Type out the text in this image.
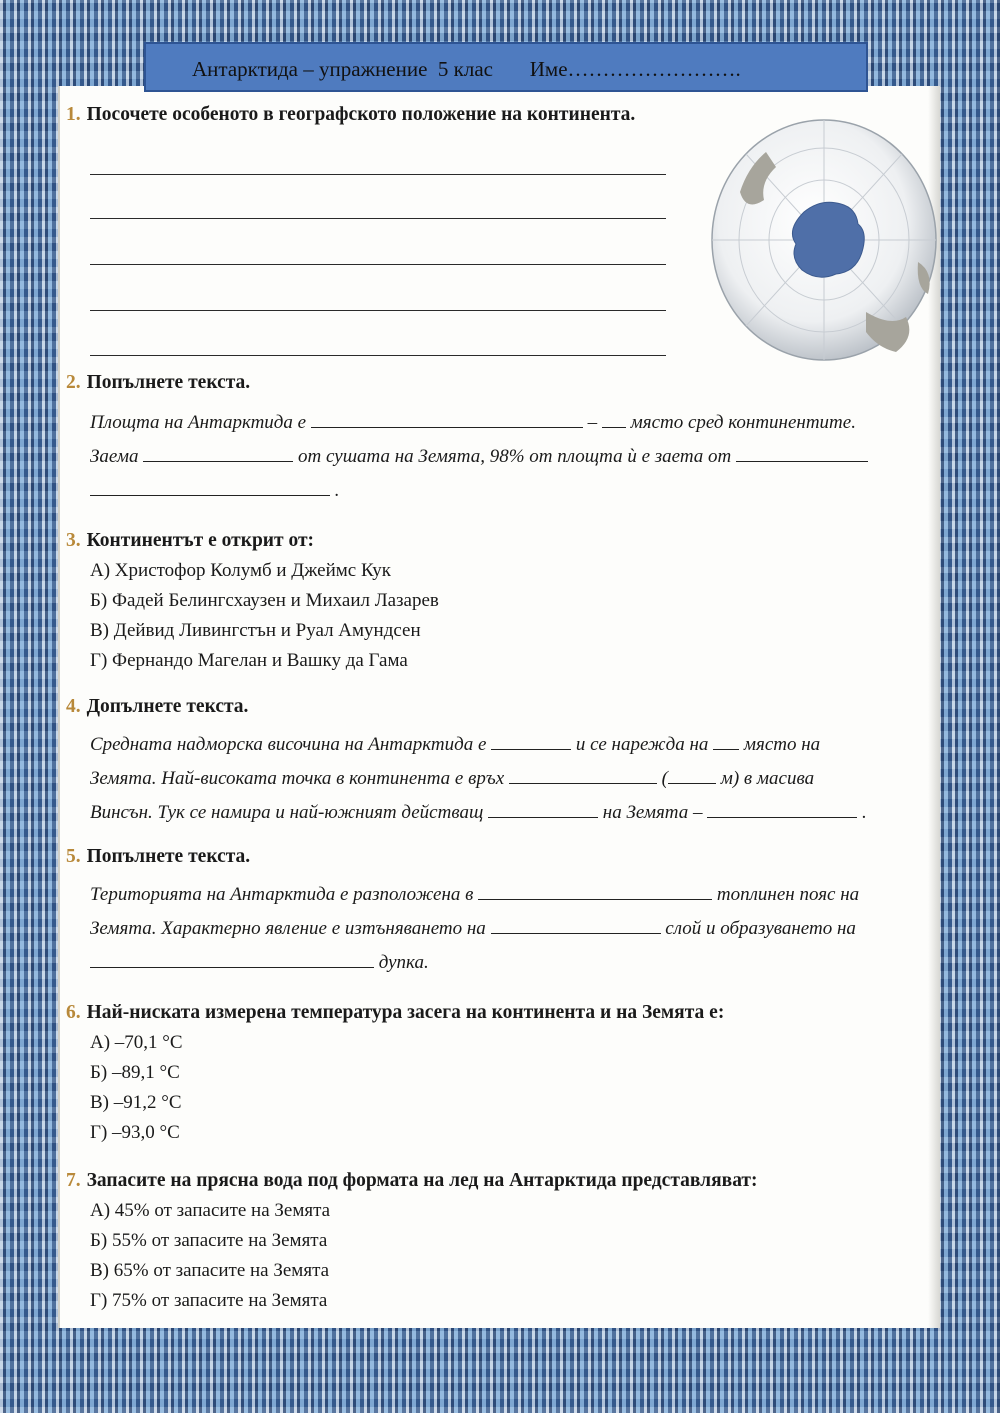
Антарктида – упражнение  5 клас Име…………………….
1. Посочете особеното в географското положение на континента.
2. Попълнете текста.
Площта на Антарктида е	– място сред континентите.
Заема	от сушата на Земята, 98% от площта ѝ е заета от
.
3. Континентът е открит от:
А) Христофор Колумб и Джеймс Кук
Б) Фадей Белингсхаузен и Михаил Лазарев
В) Дейвид Ливингстън и Руал Амундсен
Г) Фернандо Магелан и Вашку да Гама
4. Допълнете текста.
Средната надморска височина на Антарктида е	и се нарежда на място на
Земята. Най-високата точка в континента е връх	(	м) в масива
Винсън. Тук се намира и най-южният действащ	на Земята –	.
5. Попълнете текста.
Територията на Антарктида е разположена в	топлинен пояс на
Земята. Характерно явление е изтъняването на	слой и образуването на
дупка.
6. Най-ниската измерена температура засега на континента и на Земята е:
А) –70,1 °С
Б) –89,1 °С
В) –91,2 °С
Г) –93,0 °С
7. Запасите на прясна вода под формата на лед на Антарктида представляват:
А) 45% от запасите на Земята
Б) 55% от запасите на Земята
В) 65% от запасите на Земята
Г) 75% от запасите на Земята
